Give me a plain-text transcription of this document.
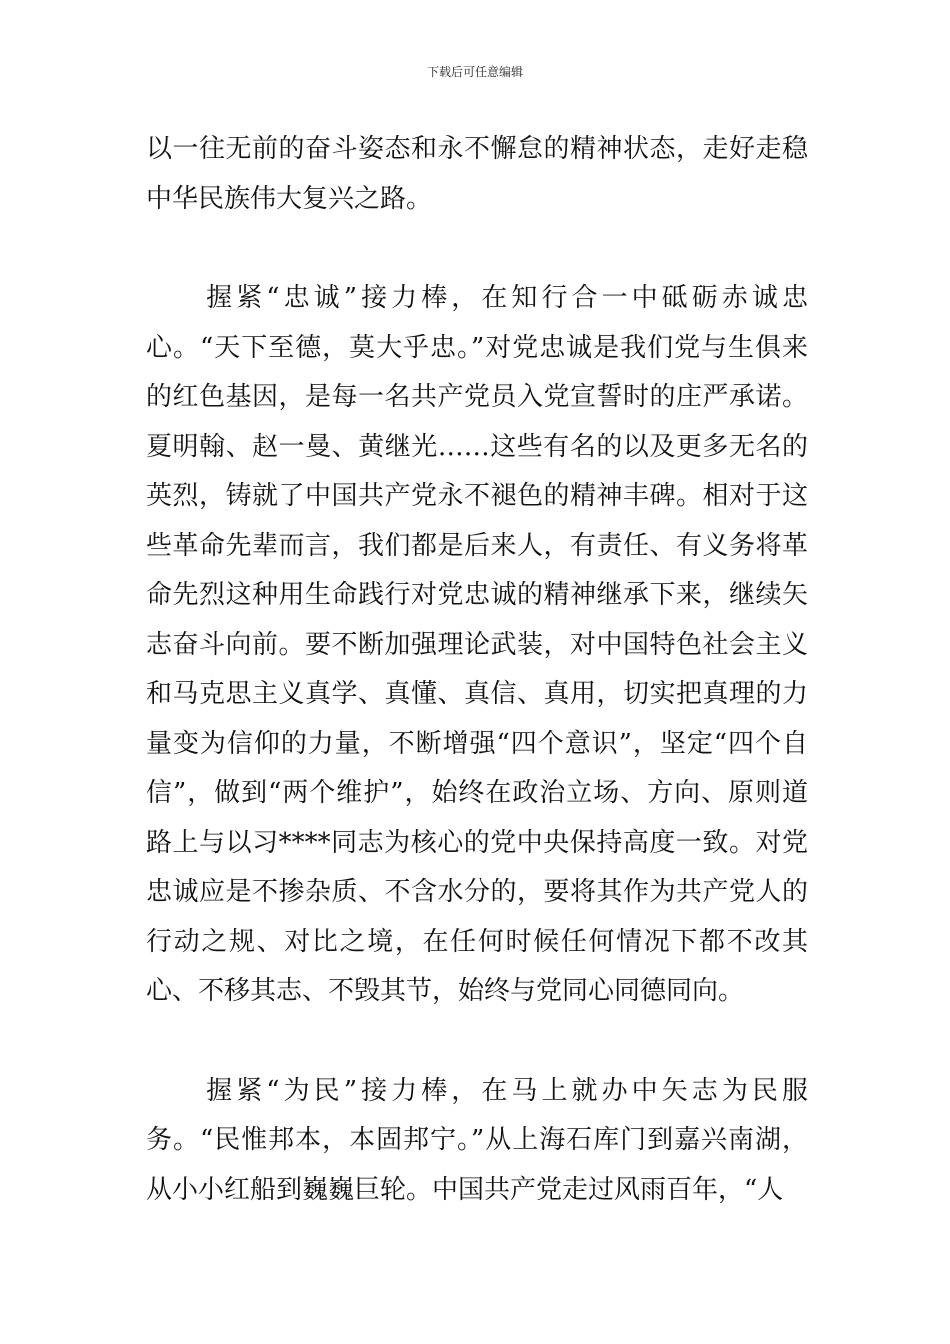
下载后可任意编辑

以一往无前的奋斗姿态和永不懈怠的精神状态，走好走稳中华民族伟大复兴之路。

　　握紧“忠诚”接力棒，在知行合一中砥砺赤诚忠心。“天下至德，莫大乎忠。”对党忠诚是我们党与生俱来的红色基因，是每一名共产党员入党宣誓时的庄严承诺。夏明翰、赵一曼、黄继光……这些有名的以及更多无名的英烈，铸就了中国共产党永不褪色的精神丰碑。相对于这些革命先辈而言，我们都是后来人，有责任、有义务将革命先烈这种用生命践行对党忠诚的精神继承下来，继续矢志奋斗向前。要不断加强理论武装，对中国特色社会主义和马克思主义真学、真懂、真信、真用，切实把真理的力量变为信仰的力量，不断增强“四个意识”，坚定“四个自信”，做到“两个维护”，始终在政治立场、方向、原则道路上与以习****同志为核心的党中央保持高度一致。对党忠诚应是不掺杂质、不含水分的，要将其作为共产党人的行动之规、对比之境，在任何时候任何情况下都不改其心、不移其志、不毁其节，始终与党同心同德同向。

　　握紧“为民”接力棒，在马上就办中矢志为民服务。“民惟邦本，本固邦宁。”从上海石库门到嘉兴南湖，从小小红船到巍巍巨轮。中国共产党走过风雨百年，“人
